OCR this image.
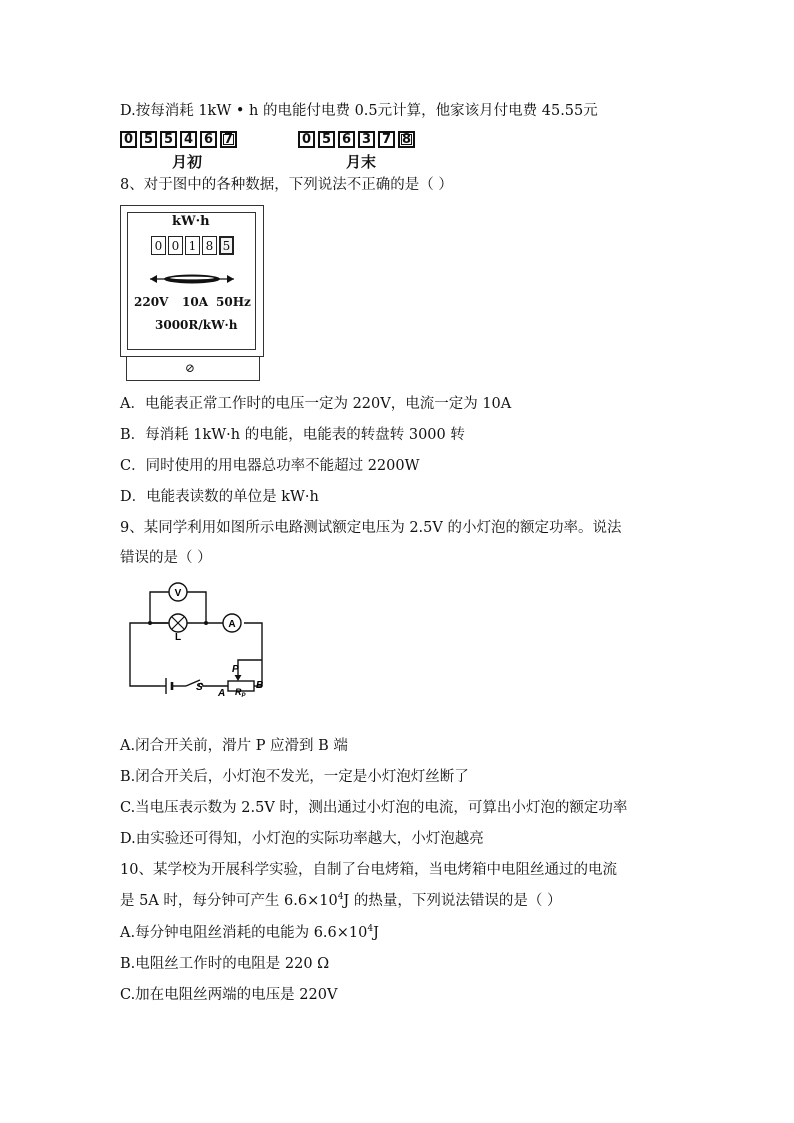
D.按每消耗 1kW • h 的电能付电费 0.5元计算，他家该月付电费 45.55元
0 5 5 4 6 7
月初
0 5 6 3 7 8
月末
8、对于图中的各种数据，下列说法不正确的是（ ）
kW·h
0 0 1 8 5
220V 10A 50Hz
3000R/kW·h
⊘
A．电能表正常工作时的电压一定为 220V，电流一定为 10A
B．每消耗 1kW·h 的电能，电能表的转盘转 3000 转
C．同时使用的用电器总功率不能超过 2200W
D．电能表读数的单位是 kW·h
9、某同学利用如图所示电路测试额定电压为 2.5V 的小灯泡的额定功率。说法
错误的是（ ）
A
L
V
S
A
P
B
$R_P$
A.闭合开关前，滑片 P 应滑到 B 端
B.闭合开关后，小灯泡不发光，一定是小灯泡灯丝断了
C.当电压表示数为 2.5V 时，测出通过小灯泡的电流，可算出小灯泡的额定功率
D.由实验还可得知，小灯泡的实际功率越大，小灯泡越亮
10、某学校为开展科学实验，自制了台电烤箱，当电烤箱中电阻丝通过的电流
是 5A 时，每分钟可产生 $6.6\times 10^4J$ 的热量，下列说法错误的是（ ）
A.每分钟电阻丝消耗的电能为 $6.6\times 10^4J$
B.电阻丝工作时的电阻是 220 Ω
C.加在电阻丝两端的电压是 220V
